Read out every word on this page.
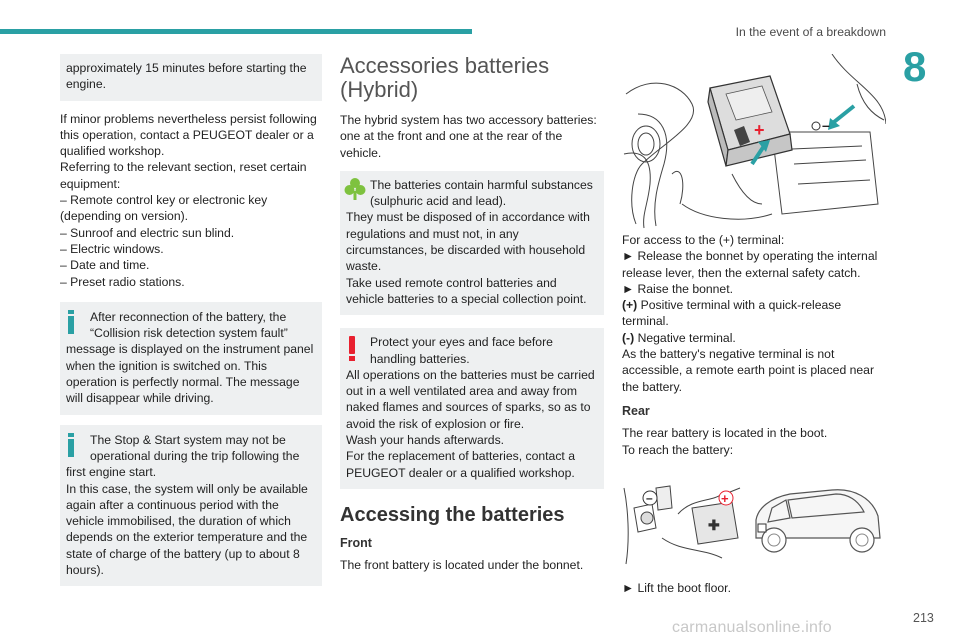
In the event of a breakdown
8

approximately 15 minutes before starting the engine.

If minor problems nevertheless persist following this operation, contact a PEUGEOT dealer or a qualified workshop.

Referring to the relevant section, reset certain equipment:

– Remote control key or electronic key (depending on version).
– Sunroof and electric sun blind.
– Electric windows.
– Date and time.
– Preset radio stations.

After reconnection of the battery, the “Collision risk detection system fault”

message is displayed on the instrument panel when the ignition is switched on. This operation is perfectly normal. The message will disappear while driving.

The Stop & Start system may not be operational during the trip following the

first engine start.

In this case, the system will only be available again after a continuous period with the vehicle immobilised, the duration of which depends on the exterior temperature and the state of charge of the battery (up to about 8 hours).

Accessories batteries (Hybrid)

The hybrid system has two accessory batteries: one at the front and one at the rear of the vehicle.

The batteries contain harmful substances (sulphuric acid and lead).

They must be disposed of in accordance with regulations and must not, in any circumstances, be discarded with household waste.

Take used remote control batteries and vehicle batteries to a special collection point.

Protect your eyes and face before handling batteries.

All operations on the batteries must be carried out in a well ventilated area and away from naked flames and sources of sparks, so as to avoid the risk of explosion or fire.

Wash your hands afterwards.

For the replacement of batteries, contact a PEUGEOT dealer or a qualified workshop.

Accessing the batteries
Front

The front battery is located under the bonnet.

+	–

For access to the (+) terminal:

► Release the bonnet by operating the internal release lever, then the external safety catch.

► Raise the bonnet.

(+) Positive terminal with a quick-release terminal.

(-) Negative terminal.

As the battery's negative terminal is not accessible, a remote earth point is placed near the battery.

Rear

The rear battery is located in the boot.

To reach the battery:

–	+
✚

► Lift the boot floor.

213
carmanualsonline.info
